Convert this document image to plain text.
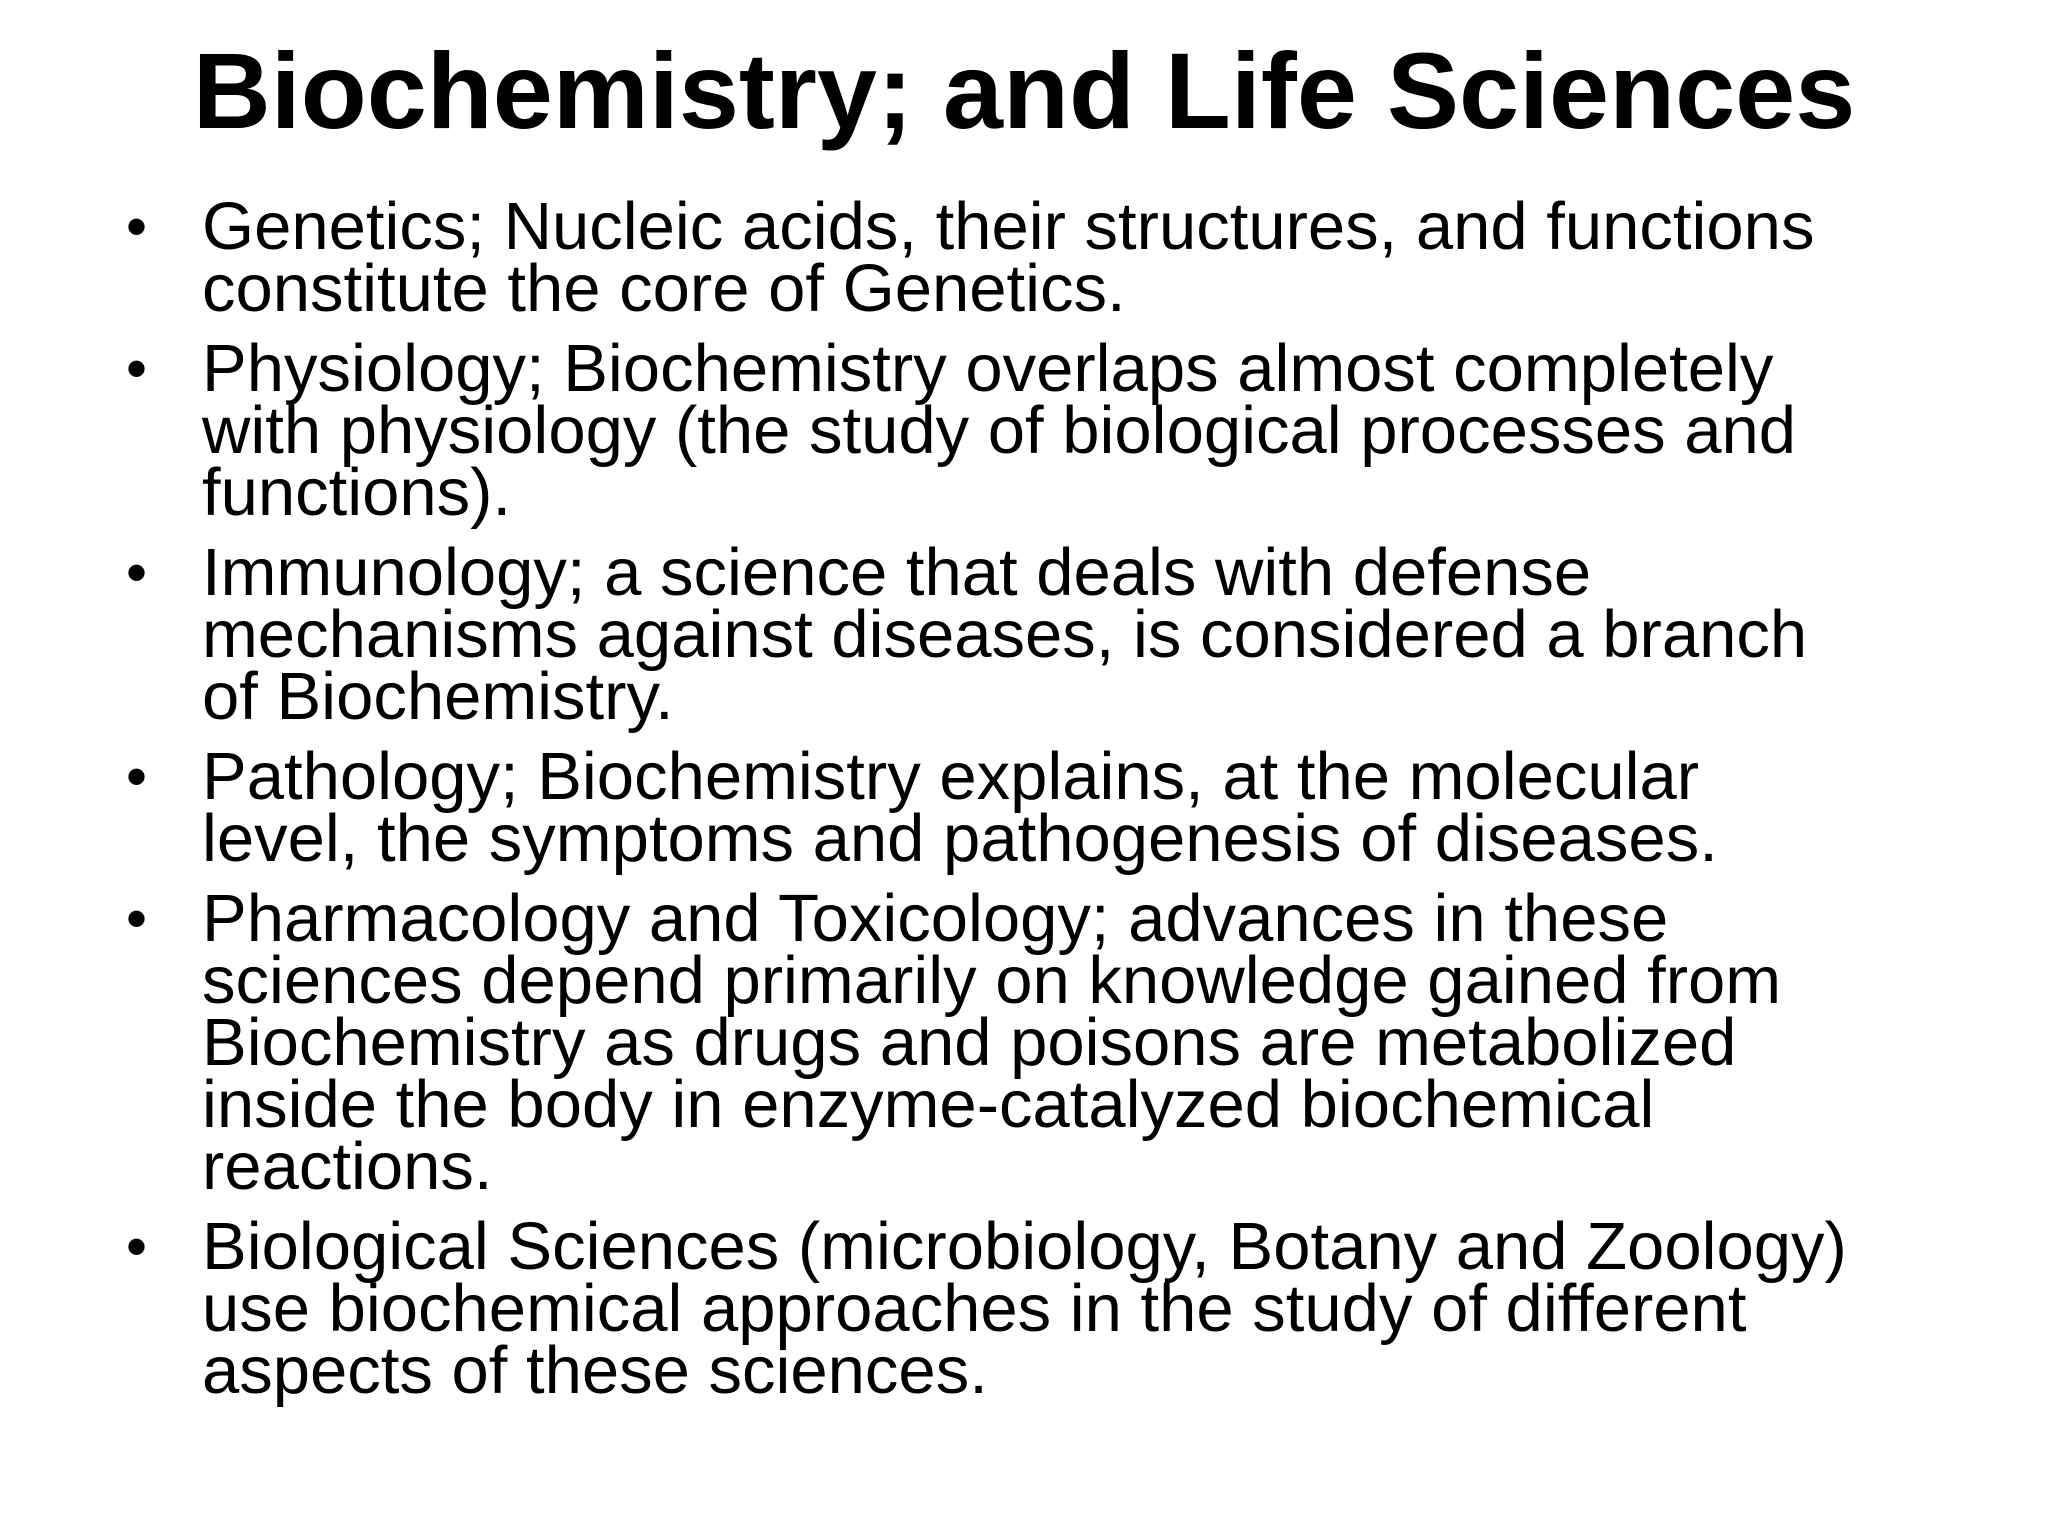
Biochemistry; and Life Sciences
• Genetics; Nucleic acids, their structures, and functions
constitute the core of Genetics.
• Physiology; Biochemistry overlaps almost completely
with physiology (the study of biological processes and
functions).
• Immunology; a science that deals with defense
mechanisms against diseases, is considered a branch
of Biochemistry.
• Pathology; Biochemistry explains, at the molecular
level, the symptoms and pathogenesis of diseases.
• Pharmacology and Toxicology; advances in these
sciences depend primarily on knowledge gained from
Biochemistry as drugs and poisons are metabolized
inside the body in enzyme-catalyzed biochemical
reactions.
• Biological Sciences (microbiology, Botany and Zoology)
use biochemical approaches in the study of different
aspects of these sciences.
